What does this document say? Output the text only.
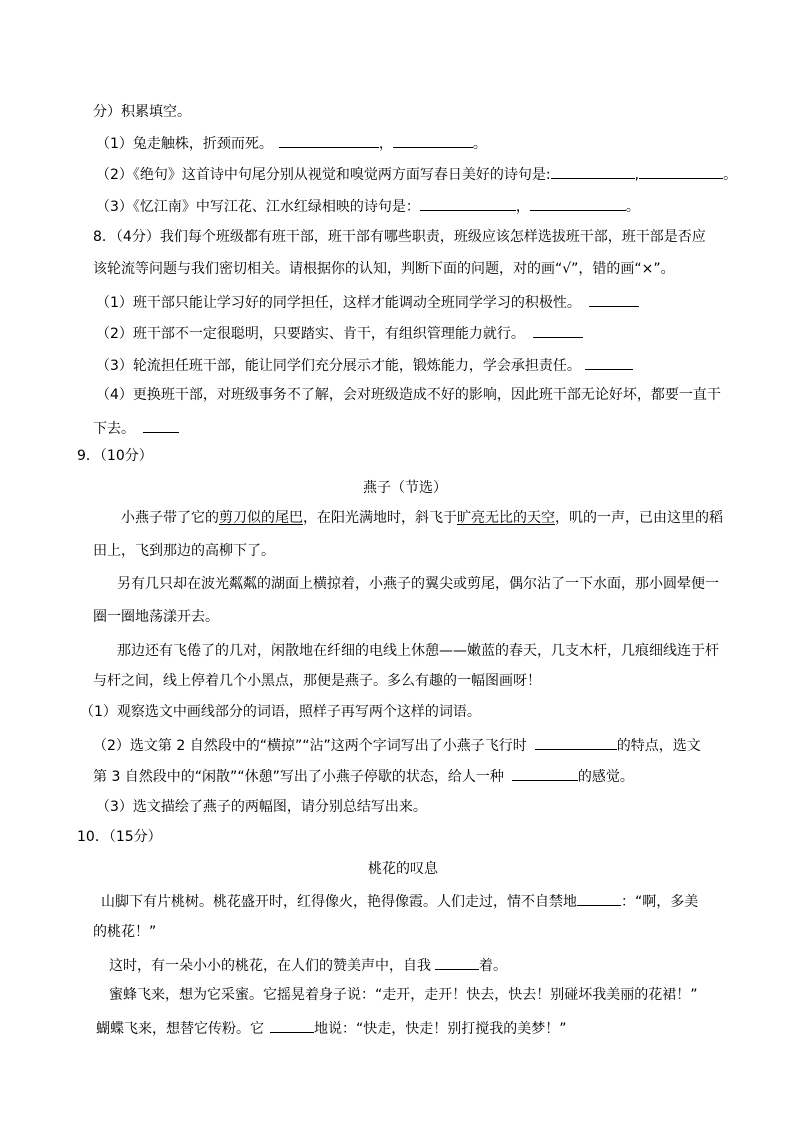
分）积累填空。
（1）兔走触株，折颈而死。	，	。
（2）《绝句》这首诗中句尾分别从视觉和嗅觉两方面写春日美好的诗句是:	,	。
（3）《忆江南》中写江花、江水红绿相映的诗句是：	，	。
8．（4分）我们每个班级都有班干部，班干部有哪些职责，班级应该怎样选拔班干部，班干部是否应
该轮流等问题与我们密切相关。请根据你的认知，判断下面的问题，对的画“√”，错的画“×”。
（1）班干部只能让学习好的同学担任，这样才能调动全班同学学习的积极性。
（2）班干部不一定很聪明，只要踏实、肯干，有组织管理能力就行。
（3）轮流担任班干部，能让同学们充分展示才能，锻炼能力，学会承担责任。
（4）更换班干部，对班级事务不了解，会对班级造成不好的影响，因此班干部无论好坏，都要一直干
下去。
9．（10分）
燕子（节选）
小燕子带了它的剪刀似的尾巴，在阳光满地时，斜飞于旷亮无比的天空，叽的一声，已由这里的稻
田上，飞到那边的高柳下了。
另有几只却在波光粼粼的湖面上横掠着，小燕子的翼尖或剪尾，偶尔沾了一下水面，那小圆晕便一
圈一圈地荡漾开去。
那边还有飞倦了的几对，闲散地在纤细的电线上休憩——嫩蓝的春天，几支木杆，几痕细线连于杆
与杆之间，线上停着几个小黑点，那便是燕子。多么有趣的一幅图画呀！
（1）观察选文中画线部分的词语，照样子再写两个这样的词语。
（2）选文第 2 自然段中的“横掠”“沾”这两个字词写出了小燕子飞行时	的特点，选文
第 3 自然段中的“闲散”“休憩”写出了小燕子停歇的状态，给人一种	的感觉。
（3）选文描绘了燕子的两幅图，请分别总结写出来。
10．（15分）
桃花的叹息
山脚下有片桃树。桃花盛开时，红得像火，艳得像霞。人们走过，情不自禁地	：“啊，多美
的桃花！”
这时，有一朵小小的桃花，在人们的赞美声中，自我	着。
蜜蜂飞来，想为它采蜜。它摇晃着身子说：“走开，走开！快去，快去！别碰坏我美丽的花裙！”
蝴蝶飞来，想替它传粉。它	地说：“快走，快走！别打搅我的美梦！”
